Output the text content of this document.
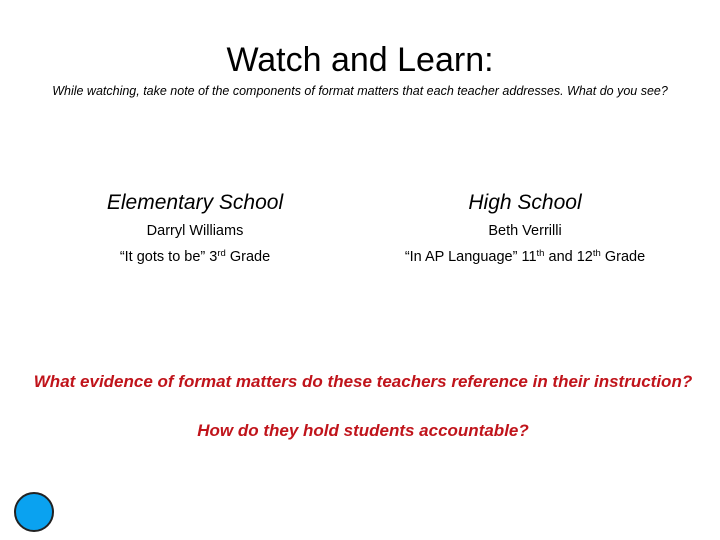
Watch and Learn:
While watching, take note of the components of format matters that each teacher addresses. What do you see?
Elementary School
Darryl Williams
“It gots to be” 3rd Grade
High School
Beth Verrilli
“In AP Language” 11th and 12th Grade
What evidence of format matters do these teachers reference in their instruction?
How do they hold students accountable?
